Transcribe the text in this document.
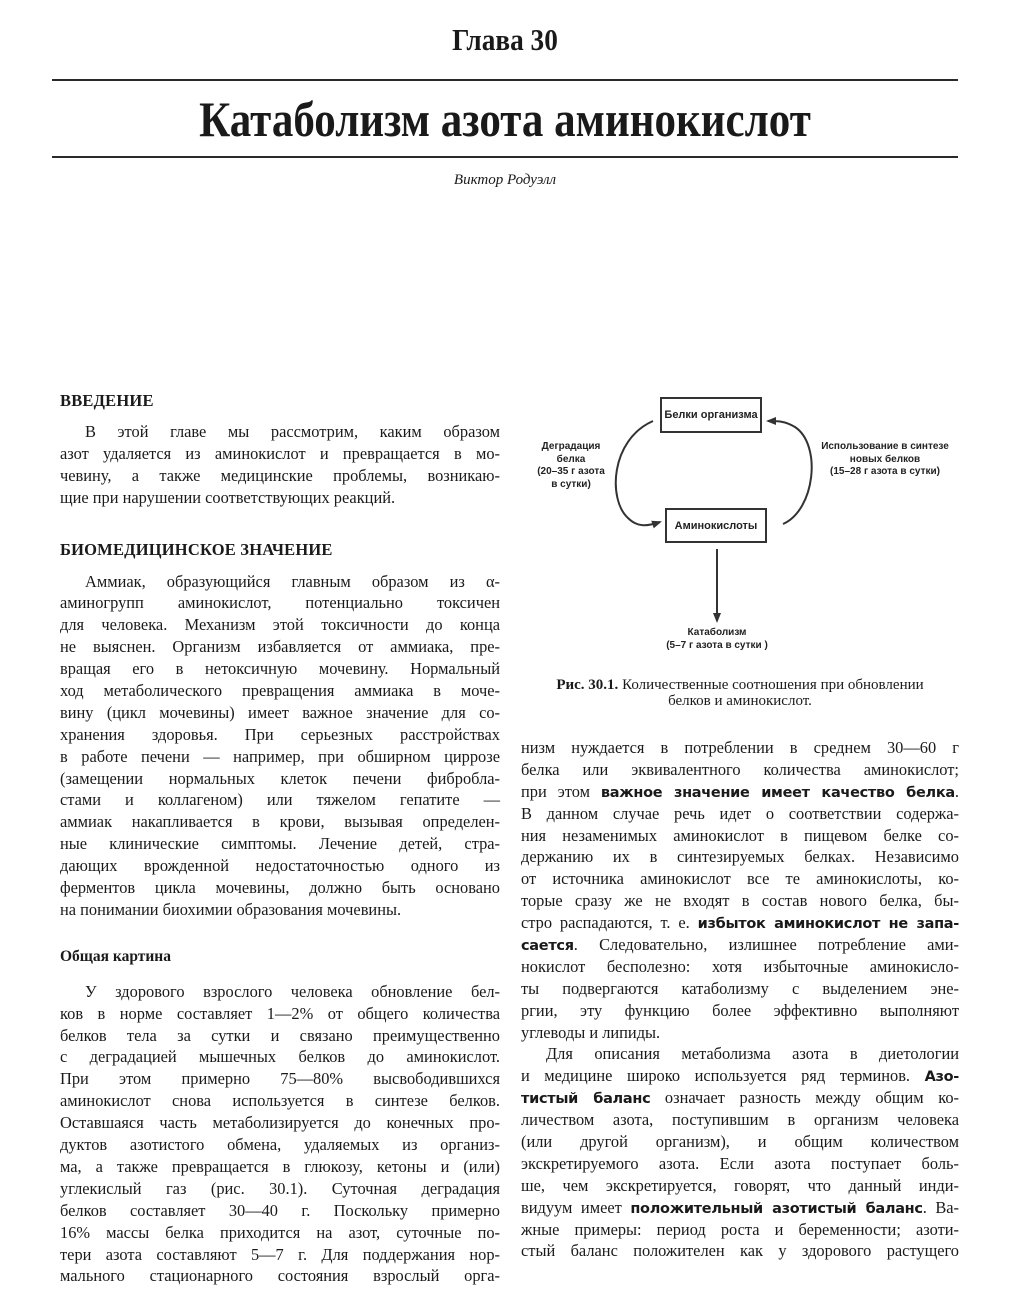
Глава 30
Катаболизм азота аминокислот
Виктор Родуэлл
ВВЕДЕНИЕ
В этой главе мы рассмотрим, каким образом
азот удаляется из аминокислот и превращается в мо-
чевину, а также медицинские проблемы, возникаю-
щие при нарушении соответствующих реакций.
БИОМЕДИЦИНСКОЕ ЗНАЧЕНИЕ
Аммиак, образующийся главным образом из α-
аминогрупп аминокислот, потенциально токсичен
для человека. Механизм этой токсичности до конца
не выяснен. Организм избавляется от аммиака, пре-
вращая его в нетоксичную мочевину. Нормальный
ход метаболического превращения аммиака в моче-
вину (цикл мочевины) имеет важное значение для со-
хранения здоровья. При серьезных расстройствах
в работе печени — например, при обширном циррозе
(замещении нормальных клеток печени фибробла-
стами и коллагеном) или тяжелом гепатите —
аммиак накапливается в крови, вызывая определен-
ные клинические симптомы. Лечение детей, стра-
дающих врожденной недостаточностью одного из
ферментов цикла мочевины, должно быть основано
на понимании биохимии образования мочевины.
Общая картина
У здорового взрослого человека обновление бел-
ков в норме составляет 1—2% от общего количества
белков тела за сутки и связано преимущественно
с деградацией мышечных белков до аминокислот.
При этом примерно 75—80% высвободившихся
аминокислот снова используется в синтезе белков.
Оставшаяся часть метаболизируется до конечных про-
дуктов азотистого обмена, удаляемых из организ-
ма, а также превращается в глюкозу, кетоны и (или)
углекислый газ (рис. 30.1). Суточная деградация
белков составляет 30—40 г. Поскольку примерно
16% массы белка приходится на азот, суточные по-
тери азота составляют 5—7 г. Для поддержания нор-
мального стационарного состояния взрослый орга-
Белки организма
Аминокислоты
Деградация
белка
(20–35 г азота
в сутки)
Использование в синтезе
новых белков
(15–28 г азота в сутки)
Катаболизм
(5–7 г азота в сутки )
Рис. 30.1. Количественные соотношения при обновлении
белков и аминокислот.
низм нуждается в потреблении в среднем 30—60 г
белка или эквивалентного количества аминокислот;
при этом важное значение имеет качество белка.
В данном случае речь идет о соответствии содержа-
ния незаменимых аминокислот в пищевом белке со-
держанию их в синтезируемых белках. Независимо
от источника аминокислот все те аминокислоты, ко-
торые сразу же не входят в состав нового белка, бы-
стро распадаются, т. е. избыток аминокислот не запа-
сается. Следовательно, излишнее потребление ами-
нокислот бесполезно: хотя избыточные аминокисло-
ты подвергаются катаболизму с выделением эне-
ргии, эту функцию более эффективно выполняют
углеводы и липиды.
Для описания метаболизма азота в диетологии
и медицине широко используется ряд терминов. Азо-
тистый баланс означает разность между общим ко-
личеством азота, поступившим в организм человека
(или другой организм), и общим количеством
экскретируемого азота. Если азота поступает боль-
ше, чем экскретируется, говорят, что данный инди-
видуум имеет положительный азотистый баланс. Ва-
жные примеры: период роста и беременности; азоти-
стый баланс положителен как у здорового растущего
